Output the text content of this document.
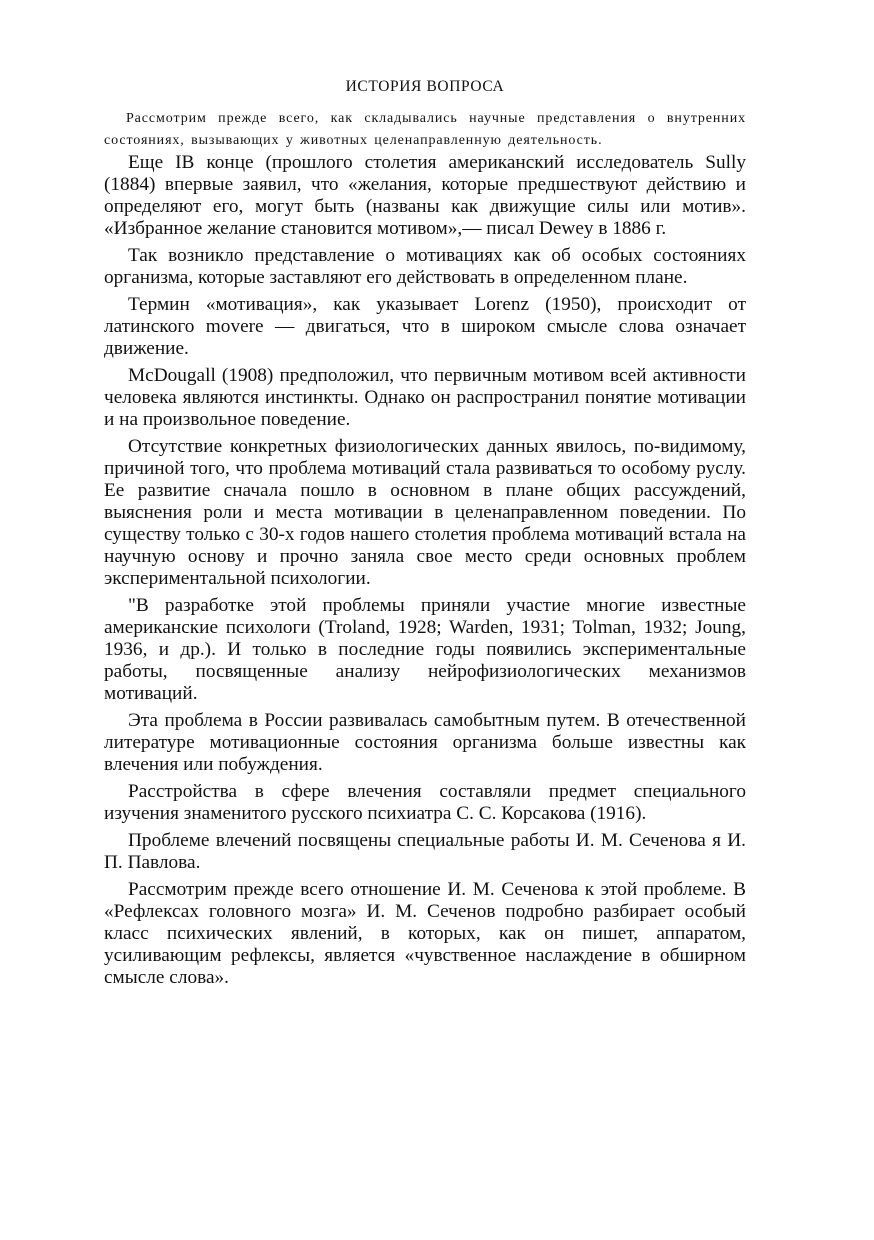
ИСТОРИЯ ВОПРОСА

Рассмотрим прежде всего, как складывались научные представления о внутренних состояниях, вызывающих у животных целенаправленную деятельность.

Еще IB конце (прошлого столетия американский исследователь Sully (1884) впервые заявил, что «желания, которые предшествуют действию и определяют его, могут быть (названы как движущие силы или мотив». «Избранное желание становится мотивом»,— писал Dewey в 1886 г.

Так возникло представление о мотивациях как об особых состояниях организма, которые заставляют его действовать в определенном плане.

Термин «мотивация», как указывает Lorenz (1950), происходит от латинского movere — двигаться, что в широком смысле слова означает движение.

McDougall (1908) предположил, что первичным мотивом всей активности человека являются инстинкты. Однако он распространил понятие мотивации и на произвольное поведение.

Отсутствие конкретных физиологических данных явилось, по-видимому, причиной того, что проблема мотиваций стала развиваться то особому руслу. Ее развитие сначала пошло в основном в плане общих рассуждений, выяснения роли и места мотивации в целенаправленном поведении. По существу только с 30-х годов нашего столетия проблема мотиваций встала на научную основу и прочно заняла свое место среди основных проблем экспериментальной психологии.

"В разработке этой проблемы приняли участие многие известные американские психологи (Troland, 1928; Warden, 1931; Tolman, 1932; Joung, 1936, и др.). И только в последние годы появились экспериментальные работы, посвященные анализу нейрофизиологических механизмов мотиваций.

Эта проблема в России развивалась самобытным путем. В отечественной литературе мотивационные состояния организма больше известны как влечения или побуждения.

Расстройства в сфере влечения составляли предмет специального изучения знаменитого русского психиатра С. С. Корсакова (1916).

Проблеме влечений посвящены специальные работы И. М. Сеченова я И. П. Павлова.

Рассмотрим прежде всего отношение И. М. Сеченова к этой проблеме. В «Рефлексах головного мозга» И. М. Сеченов подробно разбирает особый класс психических явлений, в которых, как он пишет, аппаратом, усиливающим рефлексы, является «чувственное наслаждение в обширном смысле слова».
